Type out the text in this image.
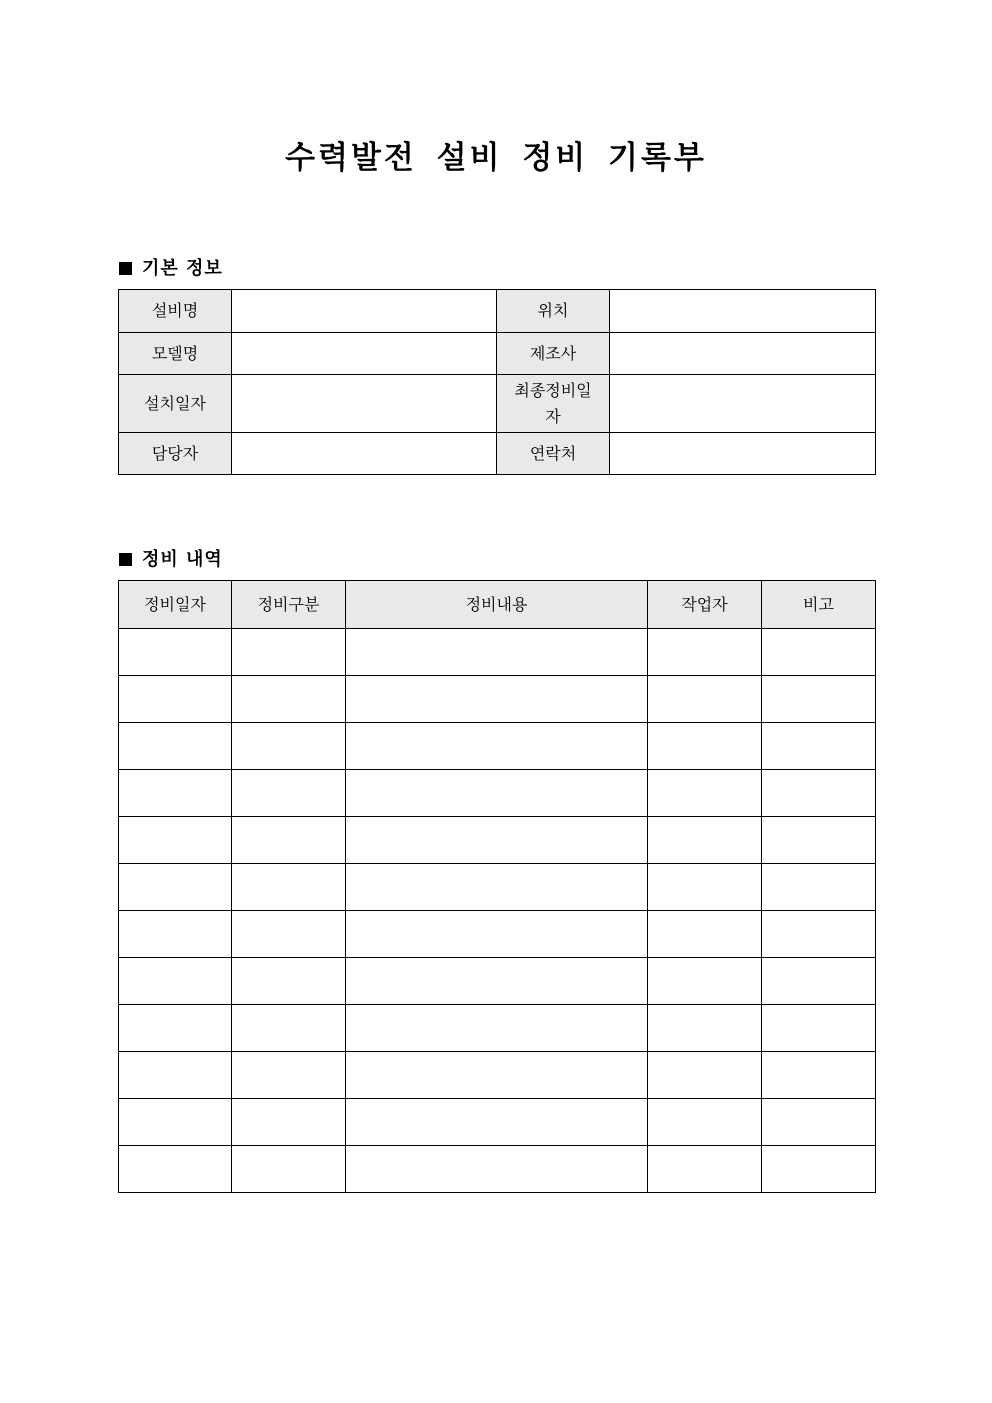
수력발전 설비 정비 기록부
기본 정보
설비명		위치	
모델명		제조사	
설치일자		최종정비일자	
담당자		연락처	
정비 내역
정비일자	정비구분	정비내용	작업자	비고
